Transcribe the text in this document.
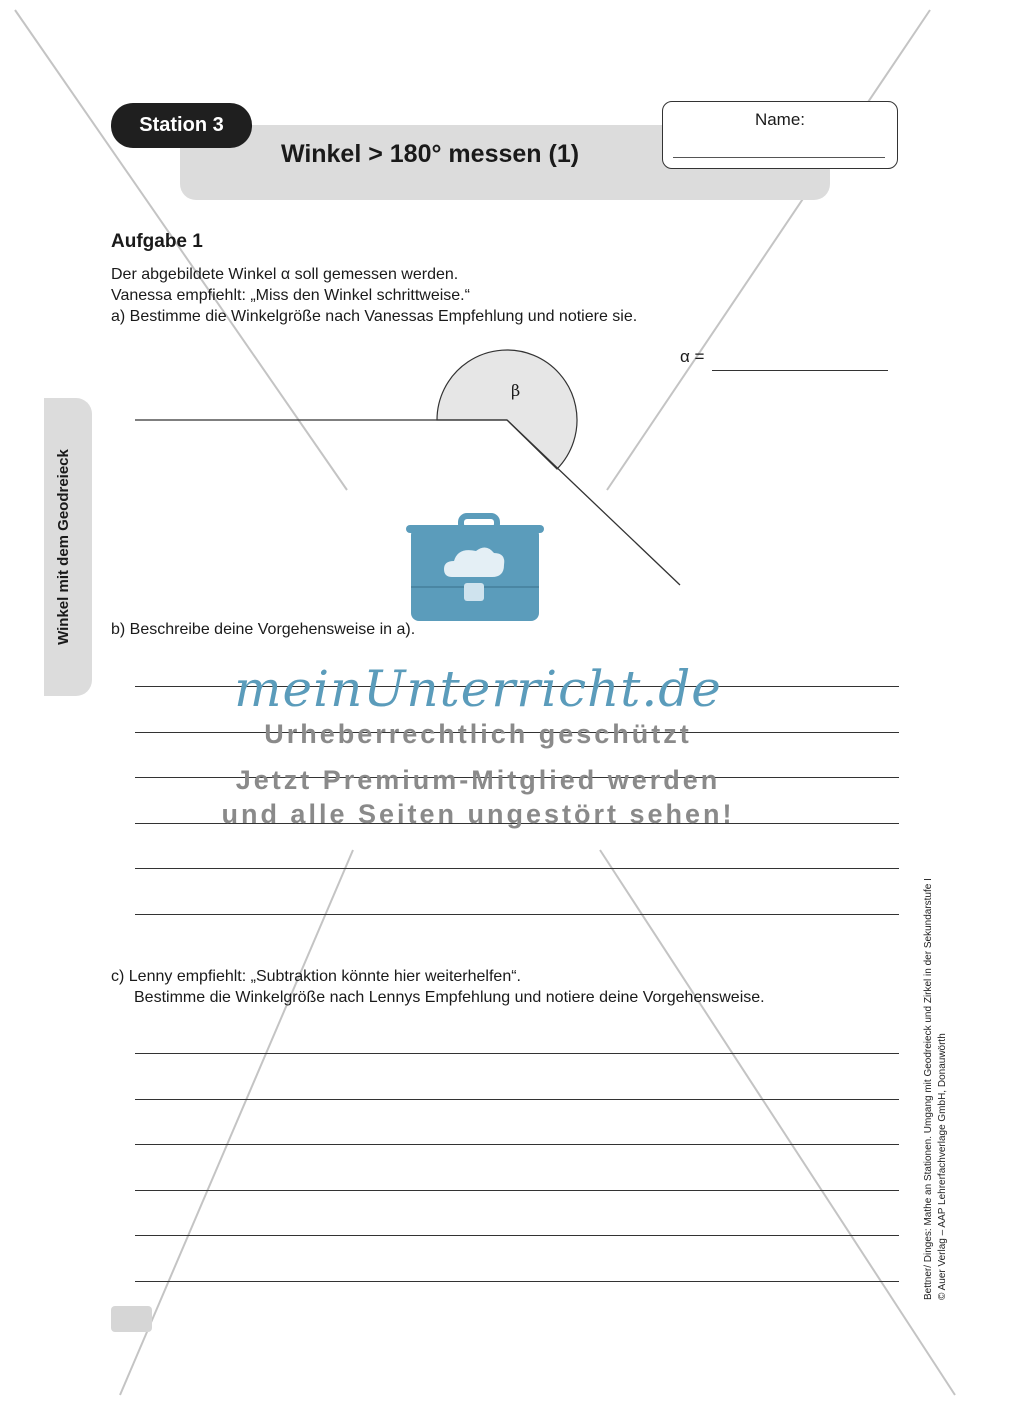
Station 3
Winkel > 180° messen (1)
Name:
Winkel mit dem Geodreieck
Aufgabe 1
Der abgebildete Winkel α soll gemessen werden.
Vanessa empfiehlt: „Miss den Winkel schrittweise.“
a) Bestimme die Winkelgröße nach Vanessas Empfehlung und notiere sie.
α =
β
b) Beschreibe deine Vorgehensweise in a).
c) Lenny empfiehlt: „Subtraktion könnte hier weiterhelfen“.
Bestimme die Winkelgröße nach Lennys Empfehlung und notiere deine Vorgehensweise.
meinUnterricht.de
Urheberrechtlich geschützt
Jetzt Premium-Mitglied werden
und alle Seiten ungestört sehen!
Bettner/ Dinges: Mathe an Stationen. Umgang mit Geodreieck und Zirkel in der Sekundarstufe I © Auer Verlag – AAP Lehrerfachverlage GmbH, Donauwörth
